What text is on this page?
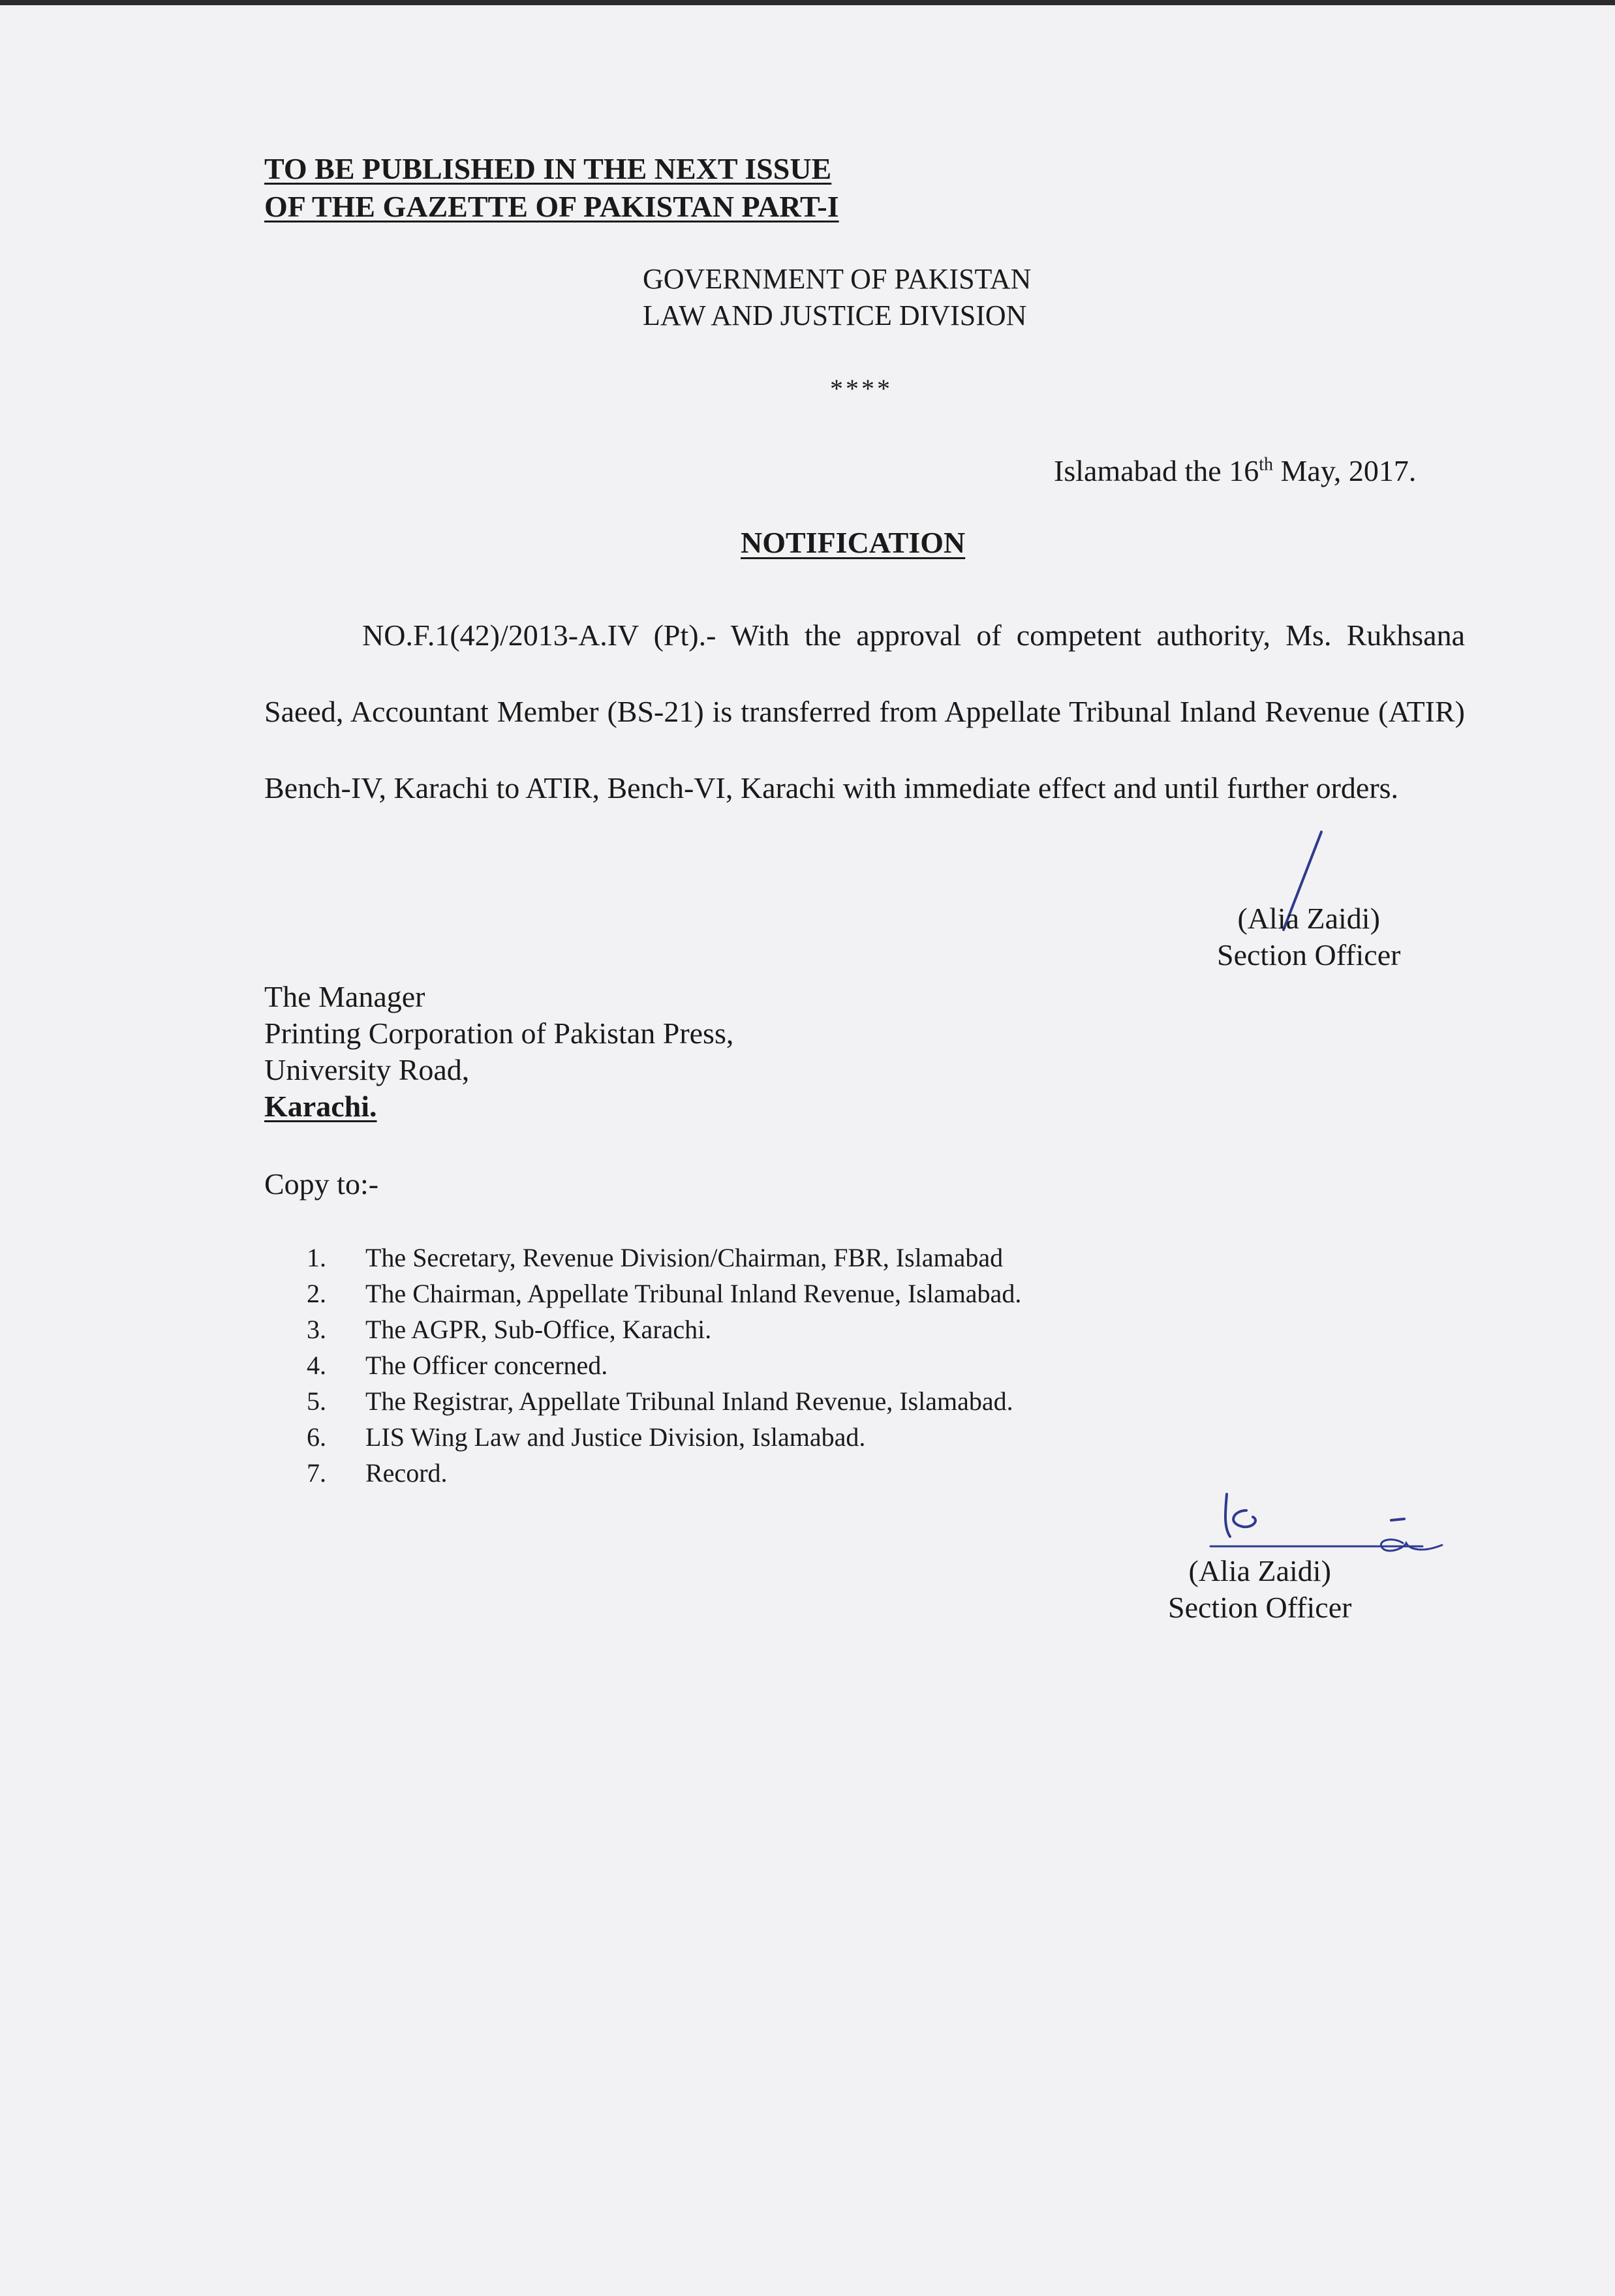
TO BE PUBLISHED IN THE NEXT ISSUE
OF THE GAZETTE OF PAKISTAN PART-I
GOVERNMENT OF PAKISTAN
LAW AND JUSTICE DIVISION
****
Islamabad the 16th May, 2017.
NOTIFICATION
NO.F.1(42)/2013-A.IV (Pt).- With the approval of competent authority, Ms. Rukhsana Saeed, Accountant Member (BS-21) is transferred from Appellate Tribunal Inland Revenue (ATIR) Bench-IV, Karachi to ATIR, Bench-VI, Karachi with immediate effect and until further orders.
(Alia Zaidi)
Section Officer
The Manager
Printing Corporation of Pakistan Press,
University Road,
Karachi.
Copy to:-
1. The Secretary, Revenue Division/Chairman, FBR, Islamabad
2. The Chairman, Appellate Tribunal Inland Revenue, Islamabad.
3. The AGPR, Sub-Office, Karachi.
4. The Officer concerned.
5. The Registrar, Appellate Tribunal Inland Revenue, Islamabad.
6. LIS Wing Law and Justice Division, Islamabad.
7. Record.
(Alia Zaidi)
Section Officer
